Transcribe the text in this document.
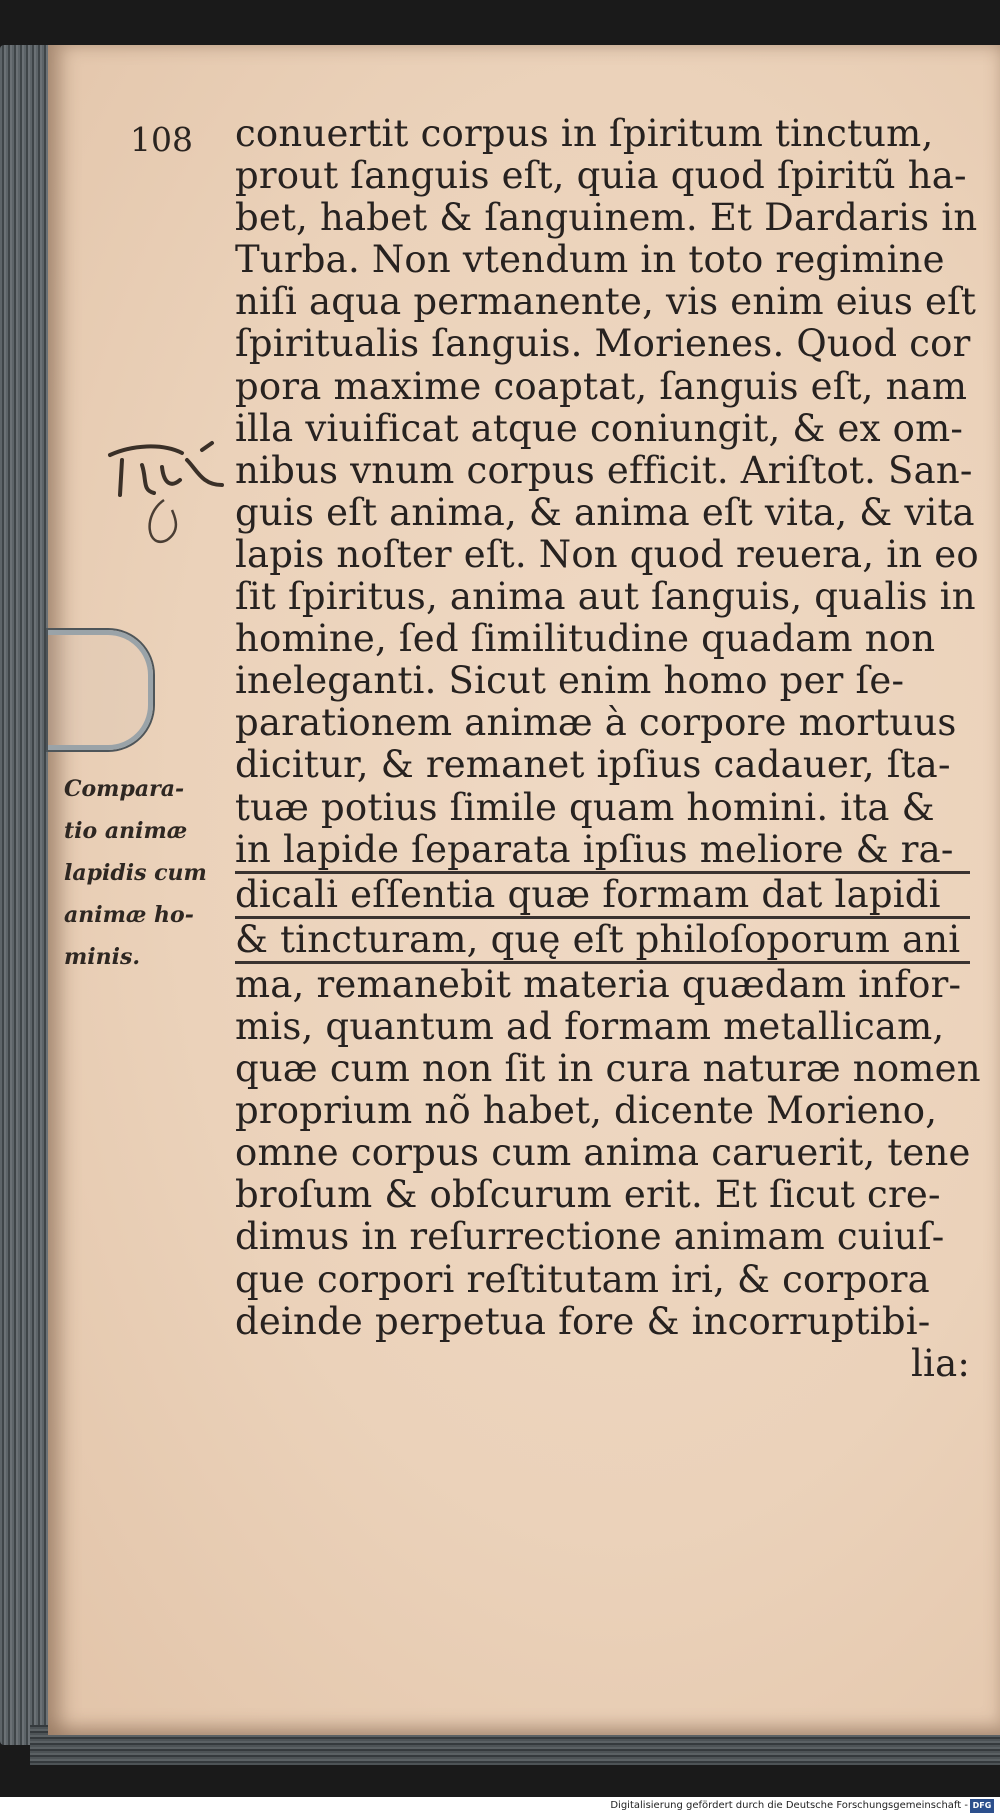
108 conuertit corpus in ſpiritum tinctum,
prout ſanguis eſt, quia quod ſpiritũ ha-
bet, habet & ſanguinem. Et Dardaris in
Turba. Non vtendum in toto regimine
niſi aqua permanente, vis enim eius eſt
ſpiritualis ſanguis. Morienes. Quod cor
pora maxime coaptat, ſanguis eſt, nam
illa viuificat atque coniungit, & ex om-
nibus vnum corpus efficit. Ariſtot. San-
guis eſt anima, & anima eſt vita, & vita
lapis noſter eſt. Non quod reuera, in eo
ſit ſpiritus, anima aut ſanguis, qualis in
homine, ſed ſimilitudine quadam non
ineleganti. Sicut enim homo per ſe-
parationem animæ à corpore mortuus
dicitur, & remanet ipſius cadauer, ſta-
tuæ potius ſimile quam homini. ita &
in lapide ſeparata ipſius meliore & ra-
dicali eſſentia quæ formam dat lapidi
& tincturam, quę eſt philoſoporum ani
ma, remanebit materia quædam infor-
mis, quantum ad formam metallicam,
quæ cum non ſit in cura naturæ nomen
proprium nõ habet, dicente Morieno,
omne corpus cum anima caruerit, tene
broſum & obſcurum erit. Et ſicut cre-
dimus in reſurrectione animam cuiuſ-
que corpori reſtitutam iri, & corpora
deinde perpetua fore & incorruptibi-
lia:
Compara-
tio animæ
lapidis cum
animæ ho-
minis.
Digitalisierung gefördert durch die Deutsche Forschungsgemeinschaft - DFG
